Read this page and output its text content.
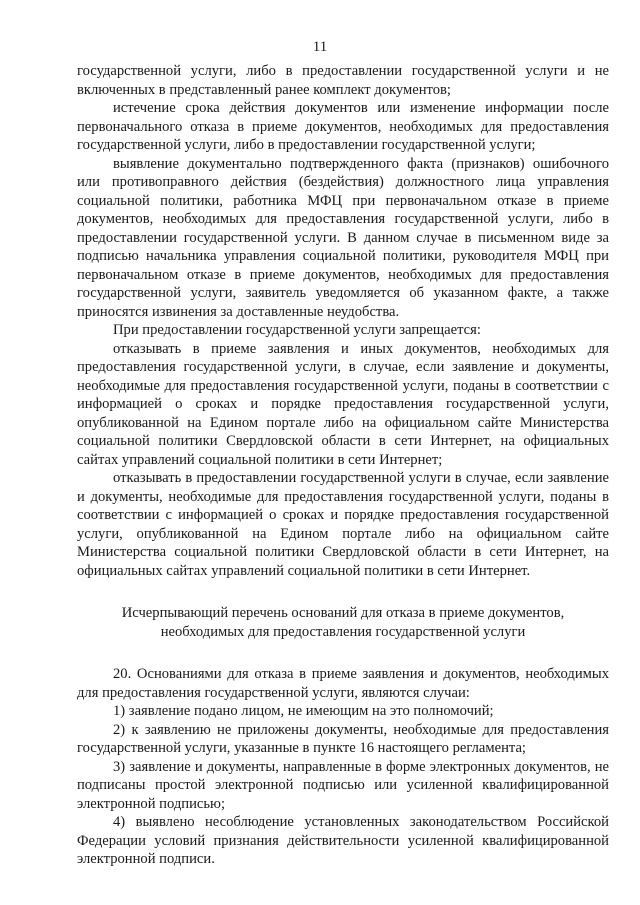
11

государственной услуги, либо в предоставлении государственной услуги и не включенных в представленный ранее комплект документов;

истечение срока действия документов или изменение информации после первоначального отказа в приеме документов, необходимых для предоставления государственной услуги, либо в предоставлении государственной услуги;

выявление документально подтвержденного факта (признаков) ошибочного или противоправного действия (бездействия) должностного лица управления социальной политики, работника МФЦ при первоначальном отказе в приеме документов, необходимых для предоставления государственной услуги, либо в предоставлении государственной услуги. В данном случае в письменном виде за подписью начальника управления социальной политики, руководителя МФЦ при первоначальном отказе в приеме документов, необходимых для предоставления государственной услуги, заявитель уведомляется об указанном факте, а также приносятся извинения за доставленные неудобства.

При предоставлении государственной услуги запрещается:

отказывать в приеме заявления и иных документов, необходимых для предоставления государственной услуги, в случае, если заявление и документы, необходимые для предоставления государственной услуги, поданы в соответствии с информацией о сроках и порядке предоставления государственной услуги, опубликованной на Едином портале либо на официальном сайте Министерства социальной политики Свердловской области в сети Интернет, на официальных сайтах управлений социальной политики в сети Интернет;

отказывать в предоставлении государственной услуги в случае, если заявление и документы, необходимые для предоставления государственной услуги, поданы в соответствии с информацией о сроках и порядке предоставления государственной услуги, опубликованной на Едином портале либо на официальном сайте Министерства социальной политики Свердловской области в сети Интернет, на официальных сайтах управлений социальной политики в сети Интернет.

Исчерпывающий перечень оснований для отказа в приеме документов,
необходимых для предоставления государственной услуги

20. Основаниями для отказа в приеме заявления и документов, необходимых для предоставления государственной услуги, являются случаи:

1) заявление подано лицом, не имеющим на это полномочий;

2) к заявлению не приложены документы, необходимые для предоставления государственной услуги, указанные в пункте 16 настоящего регламента;

3) заявление и документы, направленные в форме электронных документов, не подписаны простой электронной подписью или усиленной квалифицированной электронной подписью;

4) выявлено несоблюдение установленных законодательством Российской Федерации условий признания действительности усиленной квалифицированной электронной подписи.
